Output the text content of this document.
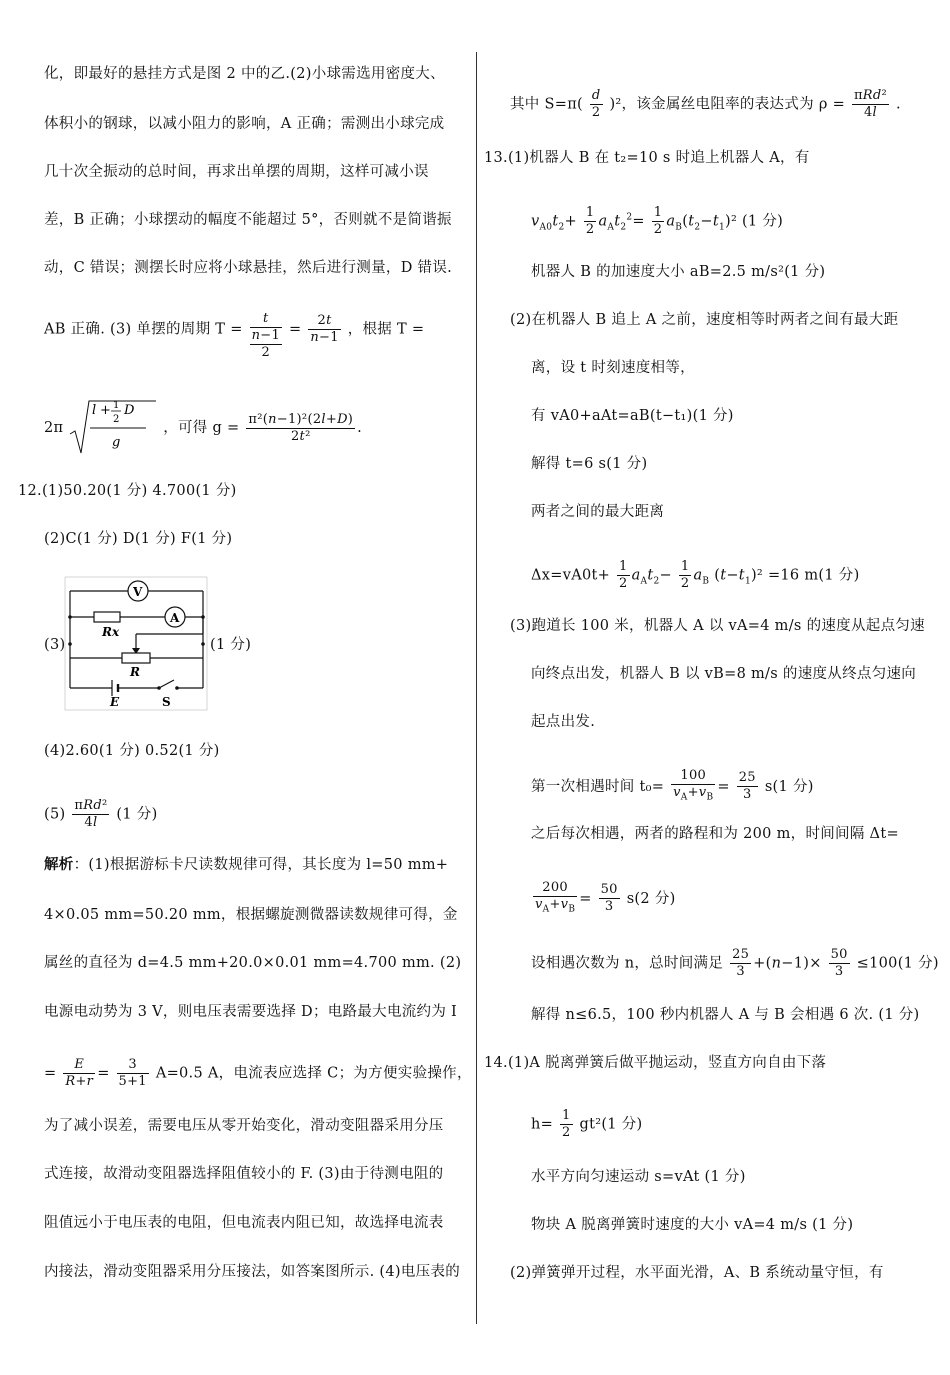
化，即最好的悬挂方式是图 2 中的乙.(2)小球需选用密度大、
体积小的钢球，以减小阻力的影响，A 正确；需测出小球完成
几十次全振动的总时间，再求出单摆的周期，这样可减小误
差，B 正确；小球摆动的幅度不能超过 5°，否则就不是简谐振
动，C 错误；测摆长时应将小球悬挂，然后进行测量，D 错误.
AB 正确. (3) 单摆的周期 T =
t
n−1
2
= $\frac{2t}{n-1}$ ，根据 T =
2π
l + 1
2
D
g
，可得 $g = \frac{\text{π²(n−1)²(2l+D)}}{\text{2t²}}$ .
12.(1)50.20(1 分) 4.700(1 分)
(2)C(1 分) D(1 分) F(1 分)
(3)
V
Rx
A
R
E	S
(1 分)
(4)2.60(1 分) 0.52(1 分)
$(5) \frac{\text{πRd²}}{4l} (1$ 分)
解析：(1)根据游标卡尺读数规律可得，其长度为 l=50 mm+
4×0.05 mm=50.20 mm，根据螺旋测微器读数规律可得，金
属丝的直径为 d=4.5 mm+20.0×0.01 mm=4.700 mm. (2)
电源电动势为 3 V，则电压表需要选择 D；电路最大电流约为 I
= $\frac{E}{R+r} = \frac{3}{5+1} A=0.5$ A，电流表应选择 C；为方便实验操作，
为了减小误差，需要电压从零开始变化，滑动变阻器采用分压
式连接，故滑动变阻器选择阻值较小的 F. (3)由于待测电阻的
阻值远小于电压表的电阻，但电流表内阻已知，故选择电流表
内接法，滑动变阻器采用分压接法，如答案图所示. (4)电压表的
其中 $S=\pi( \frac{d}{2} )^2$，该金属丝电阻率的表达式为 $\rho = \frac{\text{πRd²}}{4l}$ .
13.(1)机器人 B 在 t₂=10 s 时追上机器人 A，有
$v_{A0}t_2+ \frac{1}{2} a_At_2^2= \frac{1}{2} a_B(t_2-t_1)^2$ (1 分)
机器人 B 的加速度大小 aB=2.5 m/s²(1 分)
(2)在机器人 B 追上 A 之前，速度相等时两者之间有最大距
离，设 t 时刻速度相等，
有 vA0+aAt=aB(t−t₁)(1 分)
解得 t=6 s(1 分)
两者之间的最大距离
$\Delta x=vA0t+ \frac{1}{2} a_At_2- \frac{1}{2} a_B$ $(t-t_1)^2 =16$ m(1 分)
(3)跑道长 100 米，机器人 A 以 vA=4 m/s 的速度从起点匀速
向终点出发，机器人 B 以 vB=8 m/s 的速度从终点匀速向
起点出发.
第一次相遇时间 $t_0= \frac{100}{v_A+v_B} = \frac{25}{3} s(1$ 分)
之后每次相遇，两者的路程和为 200 m，时间间隔 Δt=
$\frac{200}{v_A+v_B} = \frac{50}{3} s(2$ 分)
设相遇次数为 n，总时间满足 $\frac{25}{3} +(n-1)\times \frac{50}{3} \le 100(1$ 分)
解得 n≤6.5，100 秒内机器人 A 与 B 会相遇 6 次. (1 分)
14.(1)A 脱离弹簧后做平抛运动，竖直方向自由下落
$h= \frac{1}{2} gt^2(1$ 分)
水平方向匀速运动 s=vAt (1 分)
物块 A 脱离弹簧时速度的大小 vA=4 m/s (1 分)
(2)弹簧弹开过程，水平面光滑，A、B 系统动量守恒，有
